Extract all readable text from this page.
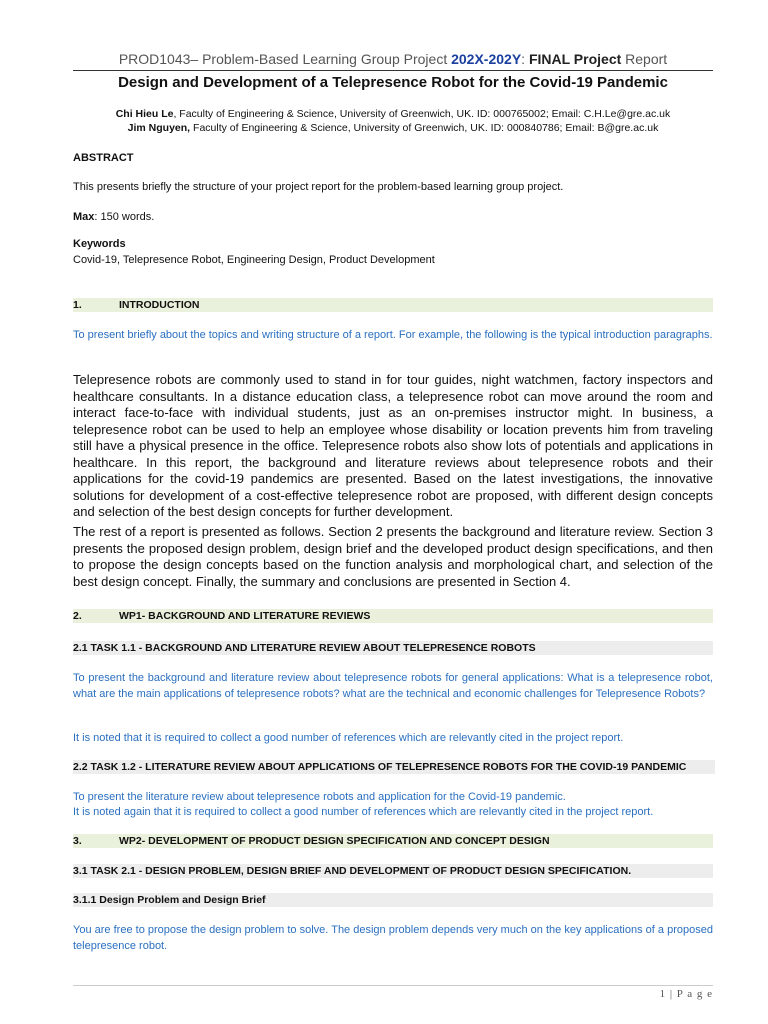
PROD1043– Problem-Based Learning Group Project 202X-202Y: FINAL Project Report
Design and Development of a Telepresence Robot for the Covid-19 Pandemic
Chi Hieu Le, Faculty of Engineering & Science, University of Greenwich, UK. ID: 000765002; Email: C.H.Le@gre.ac.uk
Jim Nguyen, Faculty of Engineering & Science, University of Greenwich, UK. ID: 000840786; Email: B@gre.ac.uk
ABSTRACT
This presents briefly the structure of your project report for the problem-based learning group project.
Max: 150 words.
Keywords
Covid-19, Telepresence Robot, Engineering Design, Product Development
1.	INTRODUCTION
To present briefly about the topics and writing structure of a report. For example, the following is the typical introduction paragraphs.
Telepresence robots are commonly used to stand in for tour guides, night watchmen, factory inspectors and healthcare consultants. In a distance education class, a telepresence robot can move around the room and interact face-to-face with individual students, just as an on-premises instructor might. In business, a telepresence robot can be used to help an employee whose disability or location prevents him from traveling still have a physical presence in the office. Telepresence robots also show lots of potentials and applications in healthcare. In this report, the background and literature reviews about telepresence robots and their applications for the covid-19 pandemics are presented. Based on the latest investigations, the innovative solutions for development of a cost-effective telepresence robot are proposed, with different design concepts and selection of the best design concepts for further development.
The rest of a report is presented as follows. Section 2 presents the background and literature review. Section 3 presents the proposed design problem, design brief and the developed product design specifications, and then to propose the design concepts based on the function analysis and morphological chart, and selection of the best design concept. Finally, the summary and conclusions are presented in Section 4.
2.	WP1- BACKGROUND AND LITERATURE REVIEWS
2.1 TASK 1.1 - BACKGROUND AND LITERATURE REVIEW ABOUT TELEPRESENCE ROBOTS
To present the background and literature review about telepresence robots for general applications: What is a telepresence robot, what are the main applications of telepresence robots? what are the technical and economic challenges for Telepresence Robots?
It is noted that it is required to collect a good number of references which are relevantly cited in the project report.
2.2 TASK 1.2 - LITERATURE REVIEW ABOUT APPLICATIONS OF TELEPRESENCE ROBOTS FOR THE COVID-19 PANDEMIC
To present the literature review about telepresence robots and application for the Covid-19 pandemic.
It is noted again that it is required to collect a good number of references which are relevantly cited in the project report.
3.	WP2- DEVELOPMENT OF PRODUCT DESIGN SPECIFICATION AND CONCEPT DESIGN
3.1 TASK 2.1 - DESIGN PROBLEM, DESIGN BRIEF AND DEVELOPMENT OF PRODUCT DESIGN SPECIFICATION.
3.1.1 Design Problem and Design Brief
You are free to propose the design problem to solve. The design problem depends very much on the key applications of a proposed telepresence robot.
1 | P a g e
